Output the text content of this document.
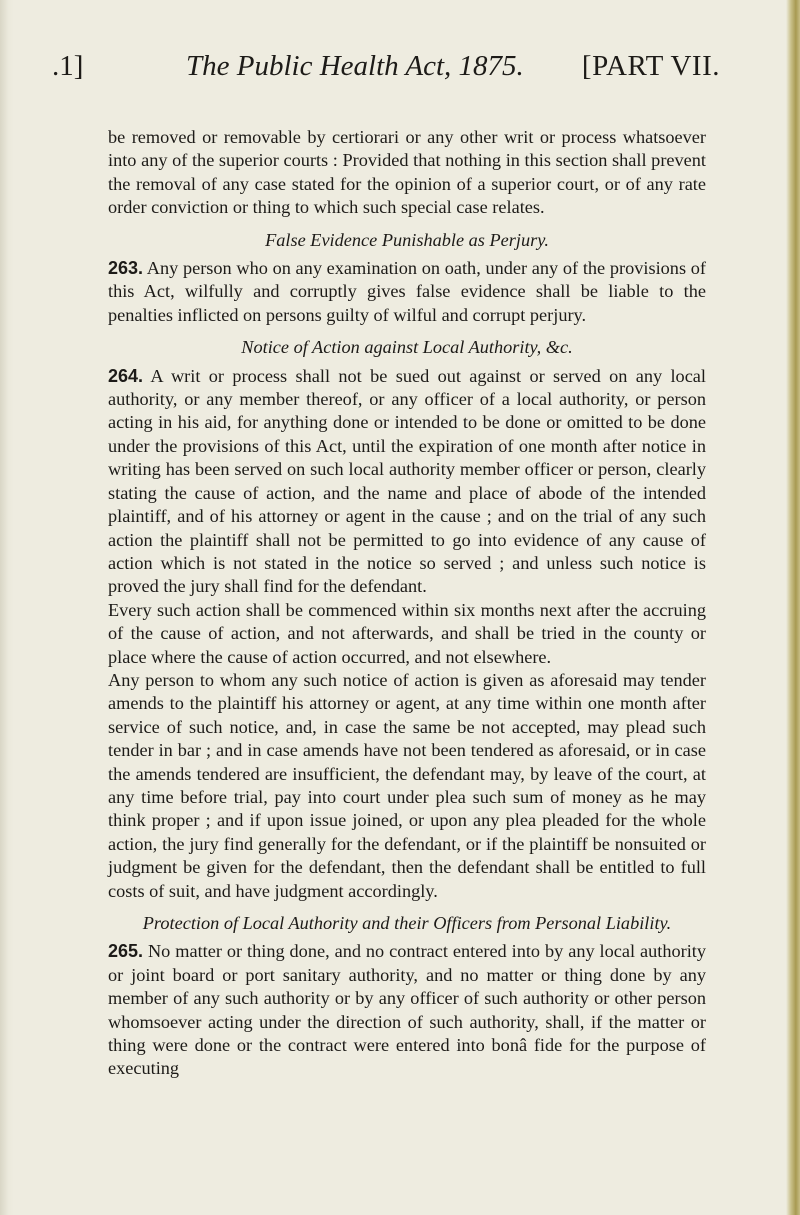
.1]	The Public Health Act, 1875. [PART VII.

be removed or removable by certiorari or any other writ or process whatsoever into any of the superior courts : Provided that nothing in this section shall prevent the removal of any case stated for the opinion of a superior court, or of any rate order conviction or thing to which such special case relates.

False Evidence Punishable as Perjury.

263. Any person who on any examination on oath, under any of the provisions of this Act, wilfully and corruptly gives false evidence shall be liable to the penalties inflicted on persons guilty of wilful and corrupt perjury.

Notice of Action against Local Authority, &c.

264. A writ or process shall not be sued out against or served on any local authority, or any member thereof, or any officer of a local authority, or person acting in his aid, for anything done or intended to be done or omitted to be done under the provisions of this Act, until the expiration of one month after notice in writing has been served on such local authority member officer or person, clearly stating the cause of action, and the name and place of abode of the intended plaintiff, and of his attorney or agent in the cause ; and on the trial of any such action the plaintiff shall not be permitted to go into evidence of any cause of action which is not stated in the notice so served ; and unless such notice is proved the jury shall find for the defendant.

Every such action shall be commenced within six months next after the accruing of the cause of action, and not afterwards, and shall be tried in the county or place where the cause of action occurred, and not elsewhere.

Any person to whom any such notice of action is given as aforesaid may tender amends to the plaintiff his attorney or agent, at any time within one month after service of such notice, and, in case the same be not accepted, may plead such tender in bar ; and in case amends have not been tendered as aforesaid, or in case the amends tendered are insufficient, the defendant may, by leave of the court, at any time before trial, pay into court under plea such sum of money as he may think proper ; and if upon issue joined, or upon any plea pleaded for the whole action, the jury find generally for the defendant, or if the plaintiff be nonsuited or judgment be given for the defendant, then the defendant shall be entitled to full costs of suit, and have judgment accordingly.

Protection of Local Authority and their Officers from Personal Liability.

265. No matter or thing done, and no contract entered into by any local authority or joint board or port sanitary authority, and no matter or thing done by any member of any such authority or by any officer of such authority or other person whomsoever acting under the direction of such authority, shall, if the matter or thing were done or the contract were entered into bonâ fide for the purpose of executing
